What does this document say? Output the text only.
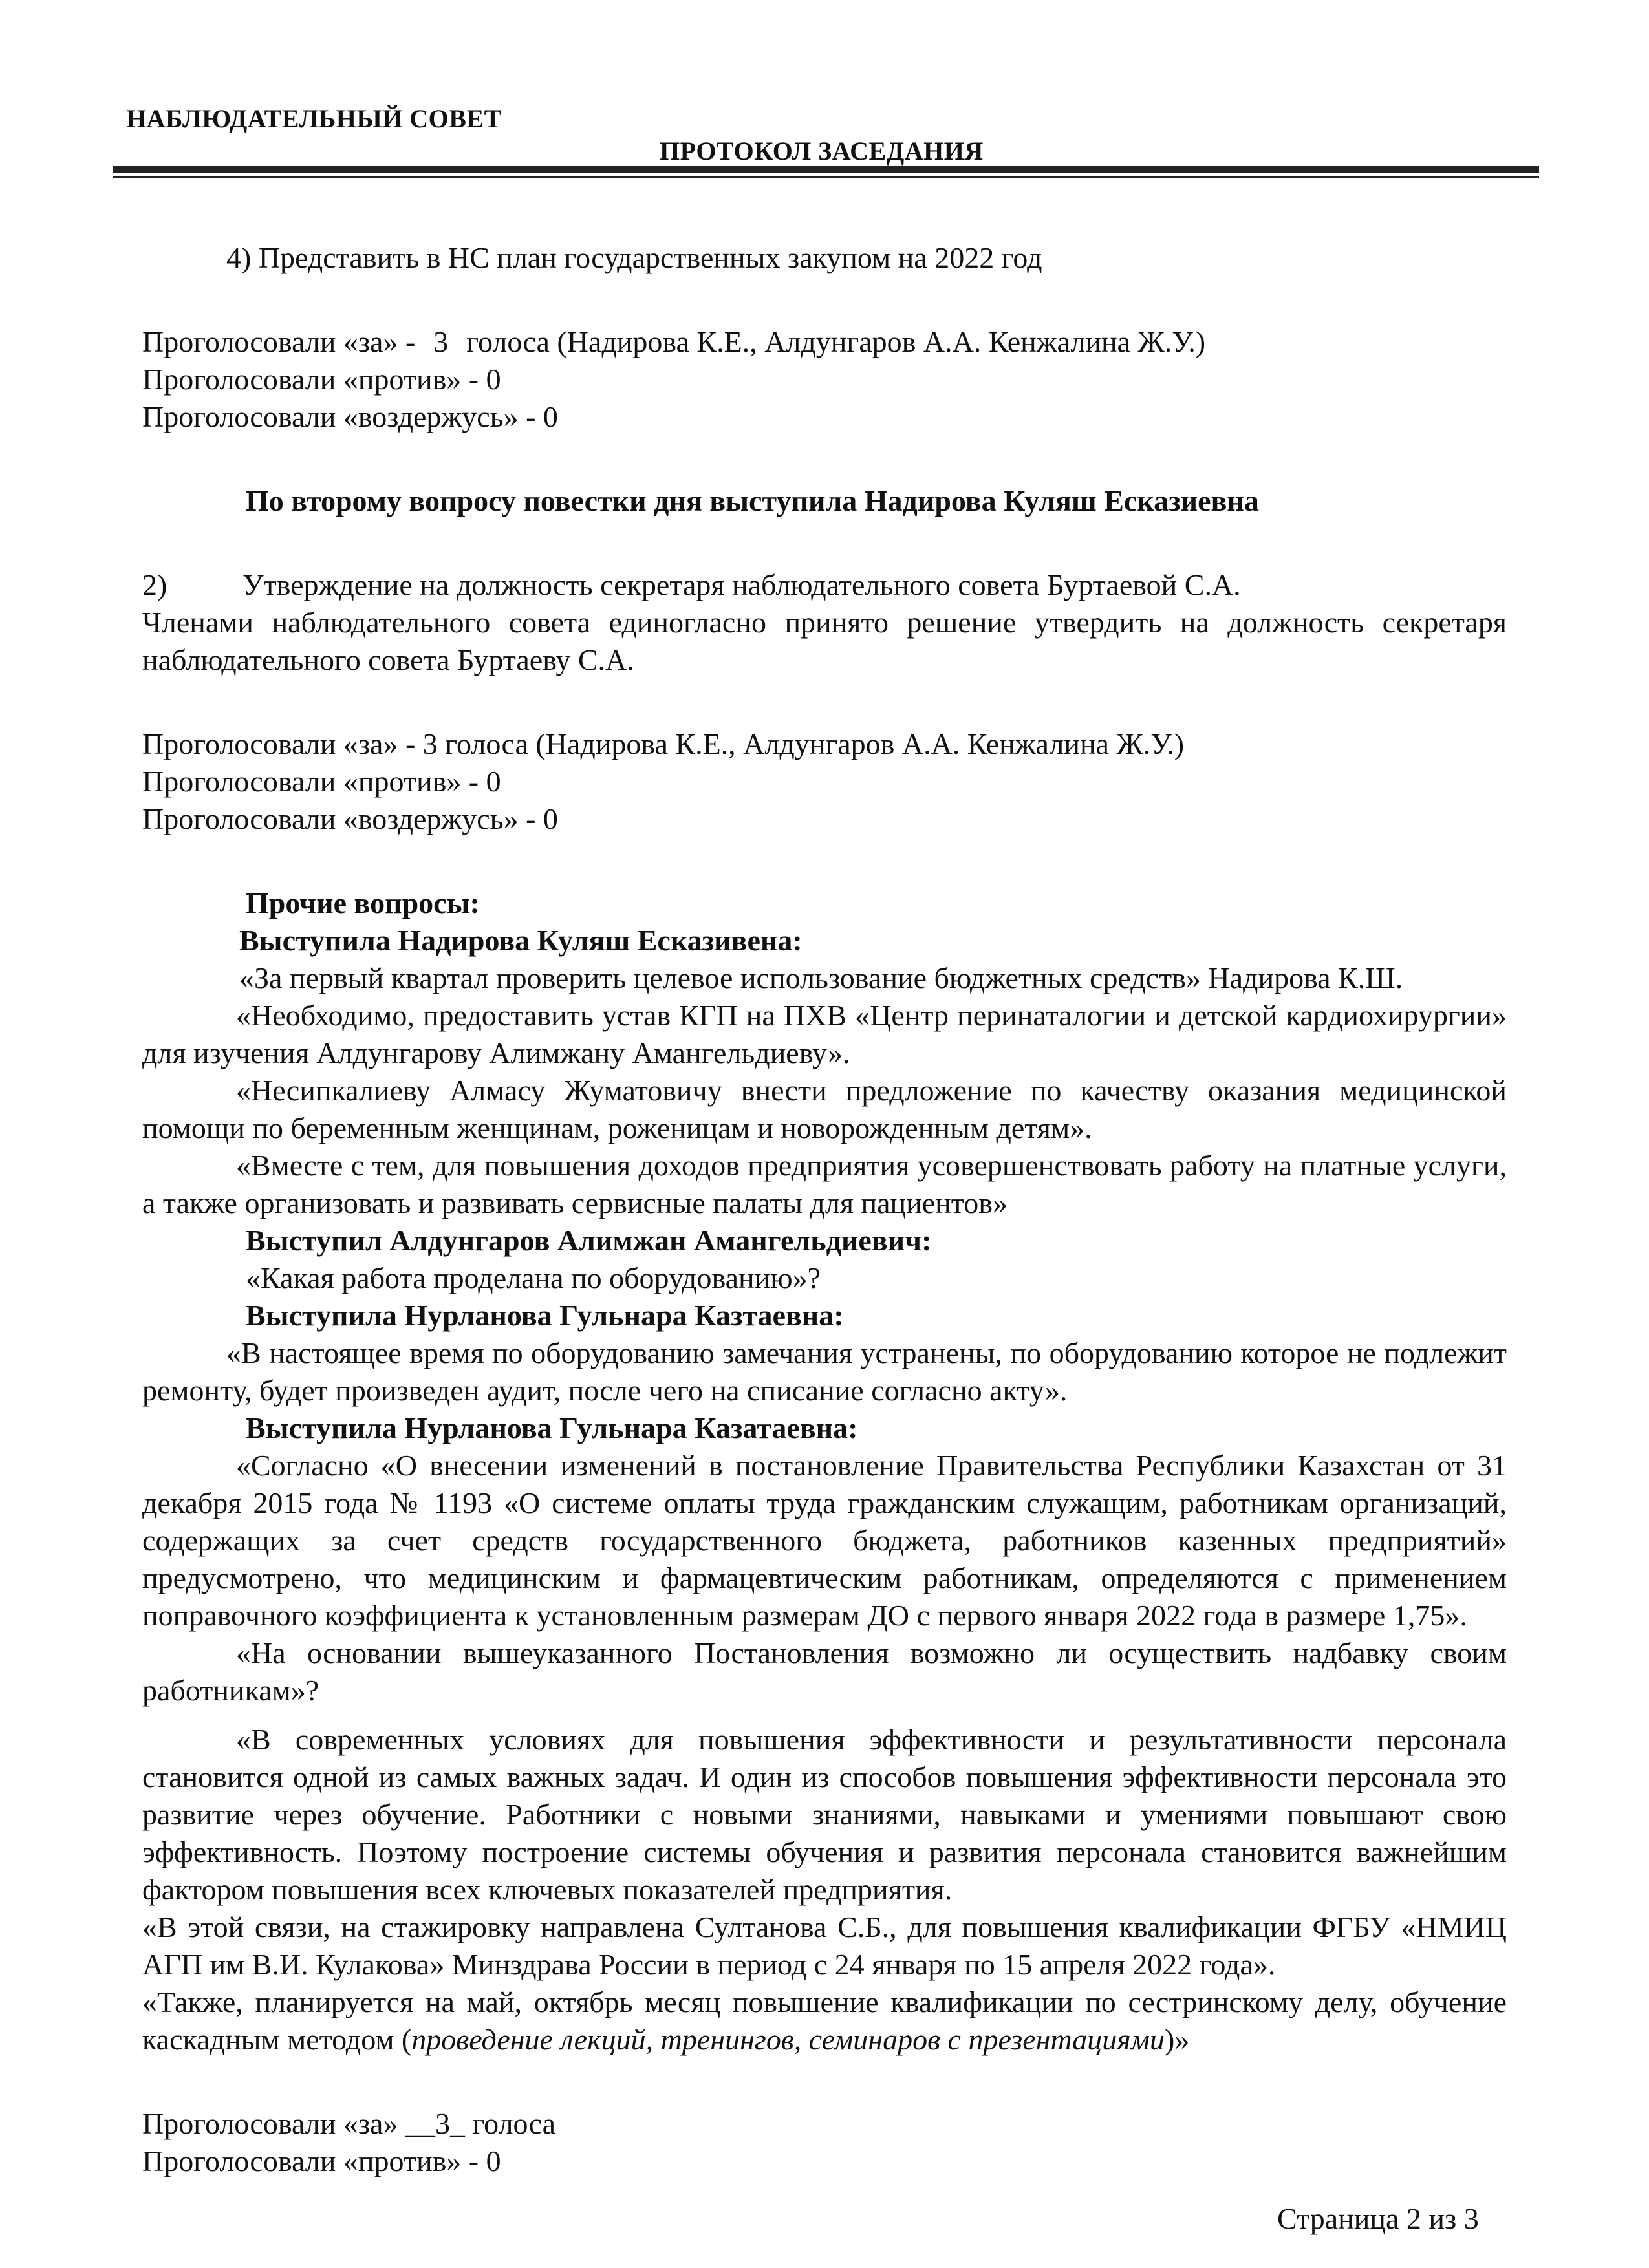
НАБЛЮДАТЕЛЬНЫЙ СОВЕТ
ПРОТОКОЛ ЗАСЕДАНИЯ

4) Представить в НС план государственных закупом на 2022 год

Проголосовали «за» - 3 голоса (Надирова К.Е., Алдунгаров А.А. Кенжалина Ж.У.)

Проголосовали «против» - 0

Проголосовали «воздержусь» - 0

По второму вопросу повестки дня выступила Надирова Куляш Есказиевна

2)	Утверждение на должность секретаря наблюдательного совета Буртаевой С.А.

Членами наблюдательного совета единогласно принято решение утвердить на должность секретаря наблюдательного совета Буртаеву С.А.

Проголосовали «за» - 3 голоса (Надирова К.Е., Алдунгаров А.А. Кенжалина Ж.У.)

Проголосовали «против» - 0

Проголосовали «воздержусь» - 0

Прочие вопросы:

Выступила Надирова Куляш Есказивена:

«За первый квартал проверить целевое использование бюджетных средств» Надирова К.Ш.

«Необходимо, предоставить устав КГП на ПХВ «Центр перинаталогии и детской кардиохирургии» для изучения Алдунгарову Алимжану Амангельдиеву».

«Несипкалиеву Алмасу Жуматовичу внести предложение по качеству оказания медицинской помощи по беременным женщинам, роженицам и новорожденным детям».

«Вместе с тем, для повышения доходов предприятия усовершенствовать работу на платные услуги, а также организовать и развивать сервисные палаты для пациентов»

Выступил Алдунгаров Алимжан Амангельдиевич:

«Какая работа проделана по оборудованию»?

Выступила Нурланова Гульнара Казтаевна:

«В настоящее время по оборудованию замечания устранены, по оборудованию которое не подлежит ремонту, будет произведен аудит, после чего на списание согласно акту».

Выступила Нурланова Гульнара Казатаевна:

«Согласно «О внесении изменений в постановление Правительства Республики Казахстан от 31 декабря 2015 года № 1193 «О системе оплаты труда гражданским служащим, работникам организаций, содержащих за счет средств государственного бюджета, работников казенных предприятий» предусмотрено, что медицинским и фармацевтическим работникам, определяются с применением поправочного коэффициента к установленным размерам ДО с первого января 2022 года в размере 1,75».

«На основании вышеуказанного Постановления возможно ли осуществить надбавку своим работникам»?

«В современных условиях для повышения эффективности и результативности персонала становится одной из самых важных задач. И один из способов повышения эффективности персонала это развитие через обучение. Работники с новыми знаниями, навыками и умениями повышают свою эффективность. Поэтому построение системы обучения и развития персонала становится важнейшим фактором повышения всех ключевых показателей предприятия.

«В этой связи, на стажировку направлена Султанова С.Б., для повышения квалификации ФГБУ «НМИЦ АГП им В.И. Кулакова» Минздрава России в период с 24 января по 15 апреля 2022 года».

«Также, планируется на май, октябрь месяц повышение квалификации по сестринскому делу, обучение каскадным методом (проведение лекций, тренингов, семинаров с презентациями)»

Проголосовали «за» __3_ голоса

Проголосовали «против» - 0

Страница 2 из 3
